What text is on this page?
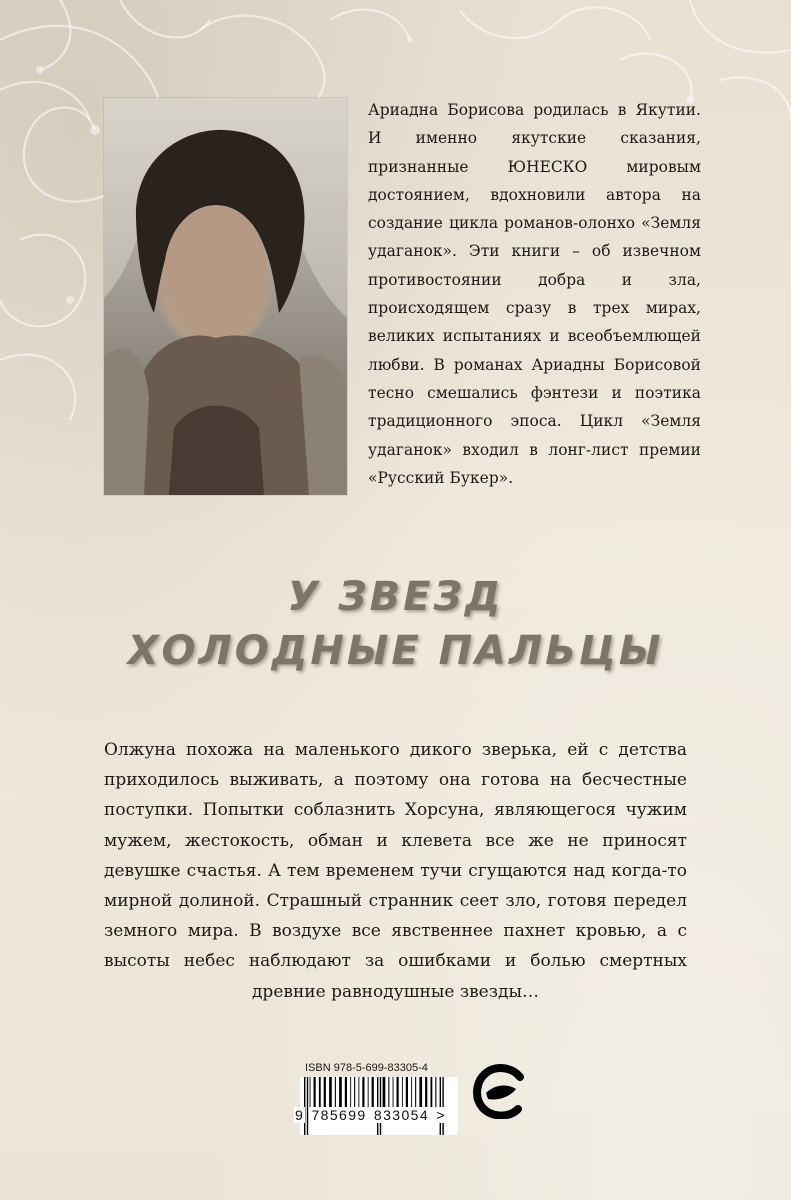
Ариадна Борисова родилась в Якутии. И именно якутские сказания, признанные ЮНЕСКО мировым достоянием, вдохновили автора на создание цикла романов-олонхо «Земля удаганок». Эти книги – об извечном противостоянии добра и зла, происходящем сразу в трех мирах, великих испытаниях и всеобъемлющей любви. В романах Ариадны Борисовой тесно смешались фэнтези и поэтика традиционного эпоса. Цикл «Земля удаганок» входил в лонг-лист премии «Русский Букер».

У ЗВЕЗД
ХОЛОДНЫЕ ПАЛЬЦЫ

Олжуна похожа на маленького дикого зверька, ей с детства приходилось выживать, а поэтому она готова на бесчестные поступки. Попытки соблазнить Хорсуна, являющегося чужим мужем, жестокость, обман и клевета все же не приносят девушке счастья. А тем временем тучи сгущаются над когда-то мирной долиной. Страшный странник сеет зло, готовя передел земного мира. В воздухе все явственнее пахнет кровью, а с высоты небес наблюдают за ошибками и болью смертных древние равнодушные звезды…

ISBN 978-5-699-83305-4
9 785699 833054 >
